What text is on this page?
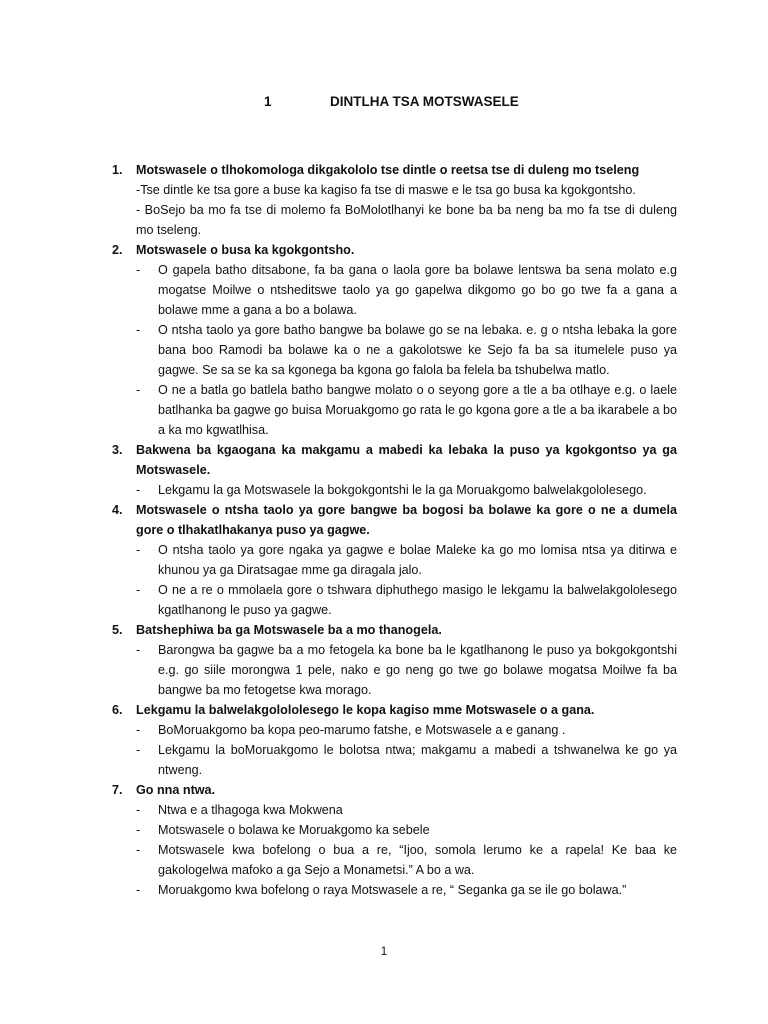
1	DINTLHA TSA MOTSWASELE
1. Motswasele o tlhokomologa dikgakololo tse dintle o reetsa tse di duleng mo tseleng
-Tse dintle ke tsa gore a buse ka kagiso fa tse di maswe e le tsa go busa ka kgokgontsho.
- BoSejo ba mo fa tse di molemo fa BoMolotlhanyi ke bone ba ba neng ba mo fa tse di duleng mo tseleng.
2. Motswasele o busa ka kgokgontsho.
- O gapela batho ditsabone, fa ba gana o laola gore ba bolawe lentswa ba sena molato e.g mogatse Moilwe o ntsheditswe taolo ya go gapelwa dikgomo go bo go twe fa a gana a bolawe mme a gana a bo a bolawa.
- O ntsha taolo ya gore batho bangwe ba bolawe go se na lebaka. e. g o ntsha lebaka la gore bana boo Ramodi ba bolawe ka o ne a gakolotswe ke Sejo fa ba sa itumelele puso ya gagwe. Se sa se ka sa kgonega ba kgona go falola ba felela ba tshubelwa matlo.
- O ne a batla go batlela batho bangwe molato o o seyong gore a tle a ba otlhaye e.g. o laele batlhanka ba gagwe go buisa Moruakgomo go rata le go kgona gore a tle a ba ikarabele a bo a ka mo kgwatlhisa.
3. Bakwena ba kgaogana ka makgamu a mabedi ka lebaka la puso ya kgokgontso ya ga Motswasele.
- Lekgamu la ga Motswasele la bokgokgontshi le la ga Moruakgomo balwelakgololesego.
4. Motswasele o ntsha taolo ya gore bangwe ba bogosi ba bolawe ka gore o ne a dumela gore o tlhakatlhakanya puso ya gagwe.
- O ntsha taolo ya gore ngaka ya gagwe e bolae Maleke ka go mo lomisa ntsa ya ditirwa e khunou ya ga Diratsagae mme ga diragala jalo.
- O ne a re o mmolaela gore o tshwara diphuthego masigo le lekgamu la balwelakgololesego kgatlhanong le puso ya gagwe.
5. Batshephiwa ba ga Motswasele ba a mo thanogela.
- Barongwa ba gagwe ba a mo fetogela ka bone ba le kgatlhanong le puso ya bokgokgontshi e.g. go siile morongwa 1 pele, nako e go neng go twe go bolawe mogatsa Moilwe fa ba bangwe ba mo fetogetse kwa morago.
6. Lekgamu la balwelakgolololesego le kopa kagiso mme Motswasele o a gana.
- BoMoruakgomo ba kopa peo-marumo fatshe, e Motswasele a e ganang .
- Lekgamu la boMoruakgomo le bolotsa ntwa; makgamu a mabedi a tshwanelwa ke go ya ntweng.
7. Go nna ntwa.
- Ntwa e a tlhagoga kwa Mokwena
- Motswasele o bolawa ke Moruakgomo ka sebele
- Motswasele kwa bofelong o bua a re, “Ijoo, somola lerumo ke a rapela! Ke baa ke gakologelwa mafoko a ga Sejo a Monametsi.” A bo a wa.
- Moruakgomo kwa bofelong o raya Motswasele a re, “ Seganka ga se ile go bolawa.”
1
